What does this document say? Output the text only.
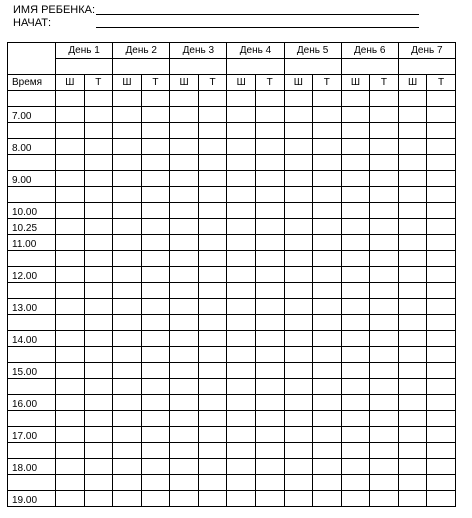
ИМЯ РЕБЕНКА:
НАЧАТ:
	День 1		День 2		День 3		День 4		День 5		День 6		День 7	

Время	Ш	Т	Ш	Т	Ш	Т	Ш	Т	Ш	Т	Ш	Т	Ш	Т

7.00														

8.00														

9.00														

10.00														
10.25														
11.00														

12.00														

13.00														

14.00														

15.00														

16.00														

17.00														

18.00														

19.00														
